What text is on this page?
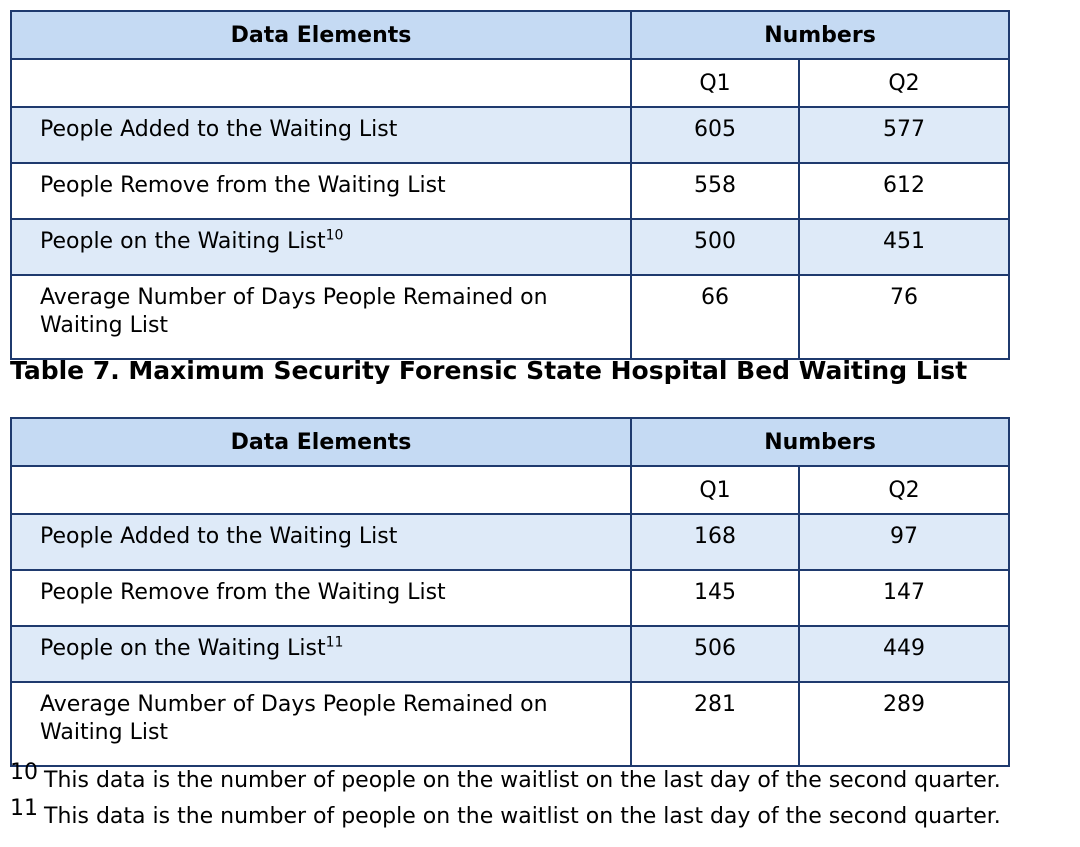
Data Elements	Numbers	
	Q1	Q2
People Added to the Waiting List	605	577
People Remove from the Waiting List	558	612
People on the Waiting List$^{10}$	500	451
Average Number of Days People Remained on Waiting List	66	76
Table 7. Maximum Security Forensic State Hospital Bed Waiting List
Data Elements	Numbers	
	Q1	Q2
People Added to the Waiting List	168	97
People Remove from the Waiting List	145	147
People on the Waiting List$^{11}$	506	449
Average Number of Days People Remained on Waiting List	281	289
10 This data is the number of people on the waitlist on the last day of the second quarter.
11 This data is the number of people on the waitlist on the last day of the second quarter.
